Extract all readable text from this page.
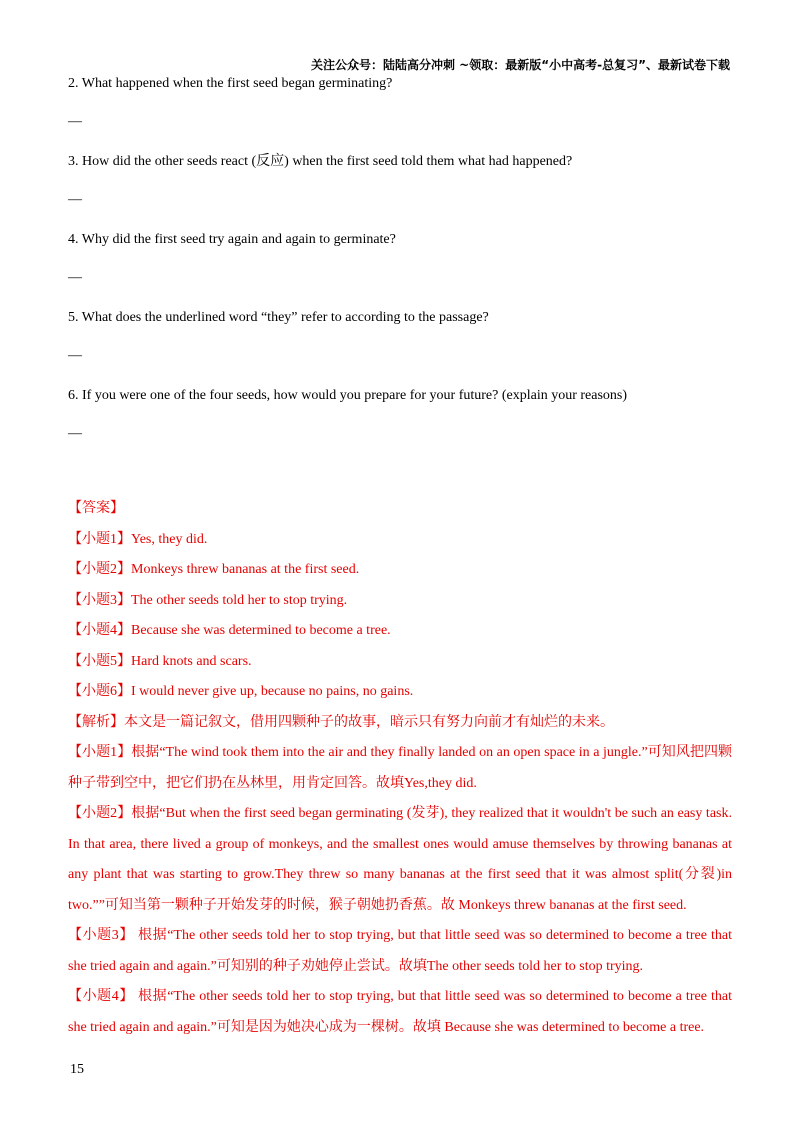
关注公众号：陆陆高分冲刺 ~领取：最新版“小中高考-总复习”、最新试卷下载

2. What happened when the first seed began germinating?

—

3. How did the other seeds react (反应) when the first seed told them what had happened?

—

4. Why did the first seed try again and again to germinate?

—

5. What does the underlined word “they” refer to according to the passage?

—

6. If you were one of the four seeds, how would you prepare for your future? (explain your reasons)

—

【答案】

【小题1】Yes, they did.

【小题2】Monkeys threw bananas at the first seed.

【小题3】The other seeds told her to stop trying.

【小题4】Because she was determined to become a tree.

【小题5】Hard knots and scars.

【小题6】I would never give up, because no pains, no gains.

【解析】本文是一篇记叙文，借用四颗种子的故事，暗示只有努力向前才有灿烂的未来。

【小题1】根据“The wind took them into the air and they finally landed on an open space in a jungle.”可知风把四颗种子带到空中，把它们扔在丛林里，用肯定回答。故填Yes,they did.

【小题2】根据“But when the first seed began germinating (发芽), they realized that it wouldn't be such an easy task. In that area, there lived a group of monkeys, and the smallest ones would amuse themselves by throwing bananas at any plant that was starting to grow.They threw so many bananas at the first seed that it was almost split(分裂)in two.””可知当第一颗种子开始发芽的时候，猴子朝她扔香蕉。故 Monkeys threw bananas at the first seed.

【小题3】 根据“The other seeds told her to stop trying, but that little seed was so determined to become a tree that she tried again and again.”可知别的种子劝她停止尝试。故填The other seeds told her to stop trying.

【小题4】 根据“The other seeds told her to stop trying, but that little seed was so determined to become a tree that she tried again and again.”可知是因为她决心成为一棵树。故填 Because she was determined to become a tree.

15
